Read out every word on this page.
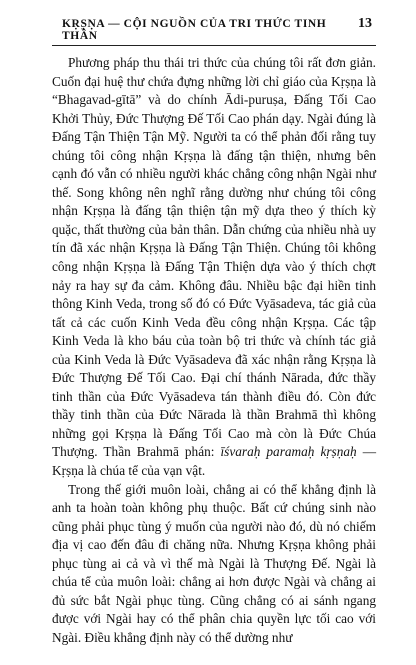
KṚṢṆA — CỘI NGUỒN CỦA TRI THỨC TINH THẦN
13

Phương pháp thu thái tri thức của chúng tôi rất đơn giản. Cuốn đại huệ thư chứa đựng những lời chỉ giáo của Kṛṣṇa là “Bhagavad-gītā” và do chính Ādi-puruṣa, Đấng Tối Cao Khởi Thủy, Đức Thượng Đế Tối Cao phán dạy. Ngài đúng là Đấng Tận Thiện Tận Mỹ. Người ta có thể phản đối rằng tuy chúng tôi công nhận Kṛṣṇa là đấng tận thiện, nhưng bên cạnh đó vẫn có nhiều người khác chẳng công nhận Ngài như thế. Song không nên nghĩ rằng dường như chúng tôi công nhận Kṛṣṇa là đấng tận thiện tận mỹ dựa theo ý thích kỳ quặc, thất thường của bản thân. Dẫn chứng của nhiều nhà uy tín đã xác nhận Kṛṣṇa là Đấng Tận Thiện. Chúng tôi không công nhận Kṛṣṇa là Đấng Tận Thiện dựa vào ý thích chợt nảy ra hay sự đa cảm. Không đâu. Nhiều bậc đại hiền tinh thông Kinh Veda, trong số đó có Đức Vyāsadeva, tác giả của tất cả các cuốn Kinh Veda đều công nhận Kṛṣṇa. Các tập Kinh Veda là kho báu của toàn bộ tri thức và chính tác giả của Kinh Veda là Đức Vyāsadeva đã xác nhận rằng Kṛṣṇa là Đức Thượng Đế Tối Cao. Đại chí thánh Nārada, đức thầy tinh thần của Đức Vyāsadeva tán thành điều đó. Còn đức thầy tinh thần của Đức Nārada là thần Brahmā thì không những gọi Kṛṣṇa là Đấng Tối Cao mà còn là Đức Chúa Thượng. Thần Brahmā phán: īśvaraḥ paramaḥ kṛṣṇaḥ — Kṛṣṇa là chúa tể của vạn vật.

Trong thế giới muôn loài, chẳng ai có thể khẳng định là anh ta hoàn toàn không phụ thuộc. Bất cứ chúng sinh nào cũng phải phục tùng ý muốn của người nào đó, dù nó chiếm địa vị cao đến đâu đi chăng nữa. Nhưng Kṛṣṇa không phải phục tùng ai cả và vì thế mà Ngài là Thượng Đế. Ngài là chúa tể của muôn loài: chẳng ai hơn được Ngài và chẳng ai đủ sức bắt Ngài phục tùng. Cũng chẳng có ai sánh ngang được với Ngài hay có thể phân chia quyền lực tối cao với Ngài. Điều khẳng định này có thể dường như
